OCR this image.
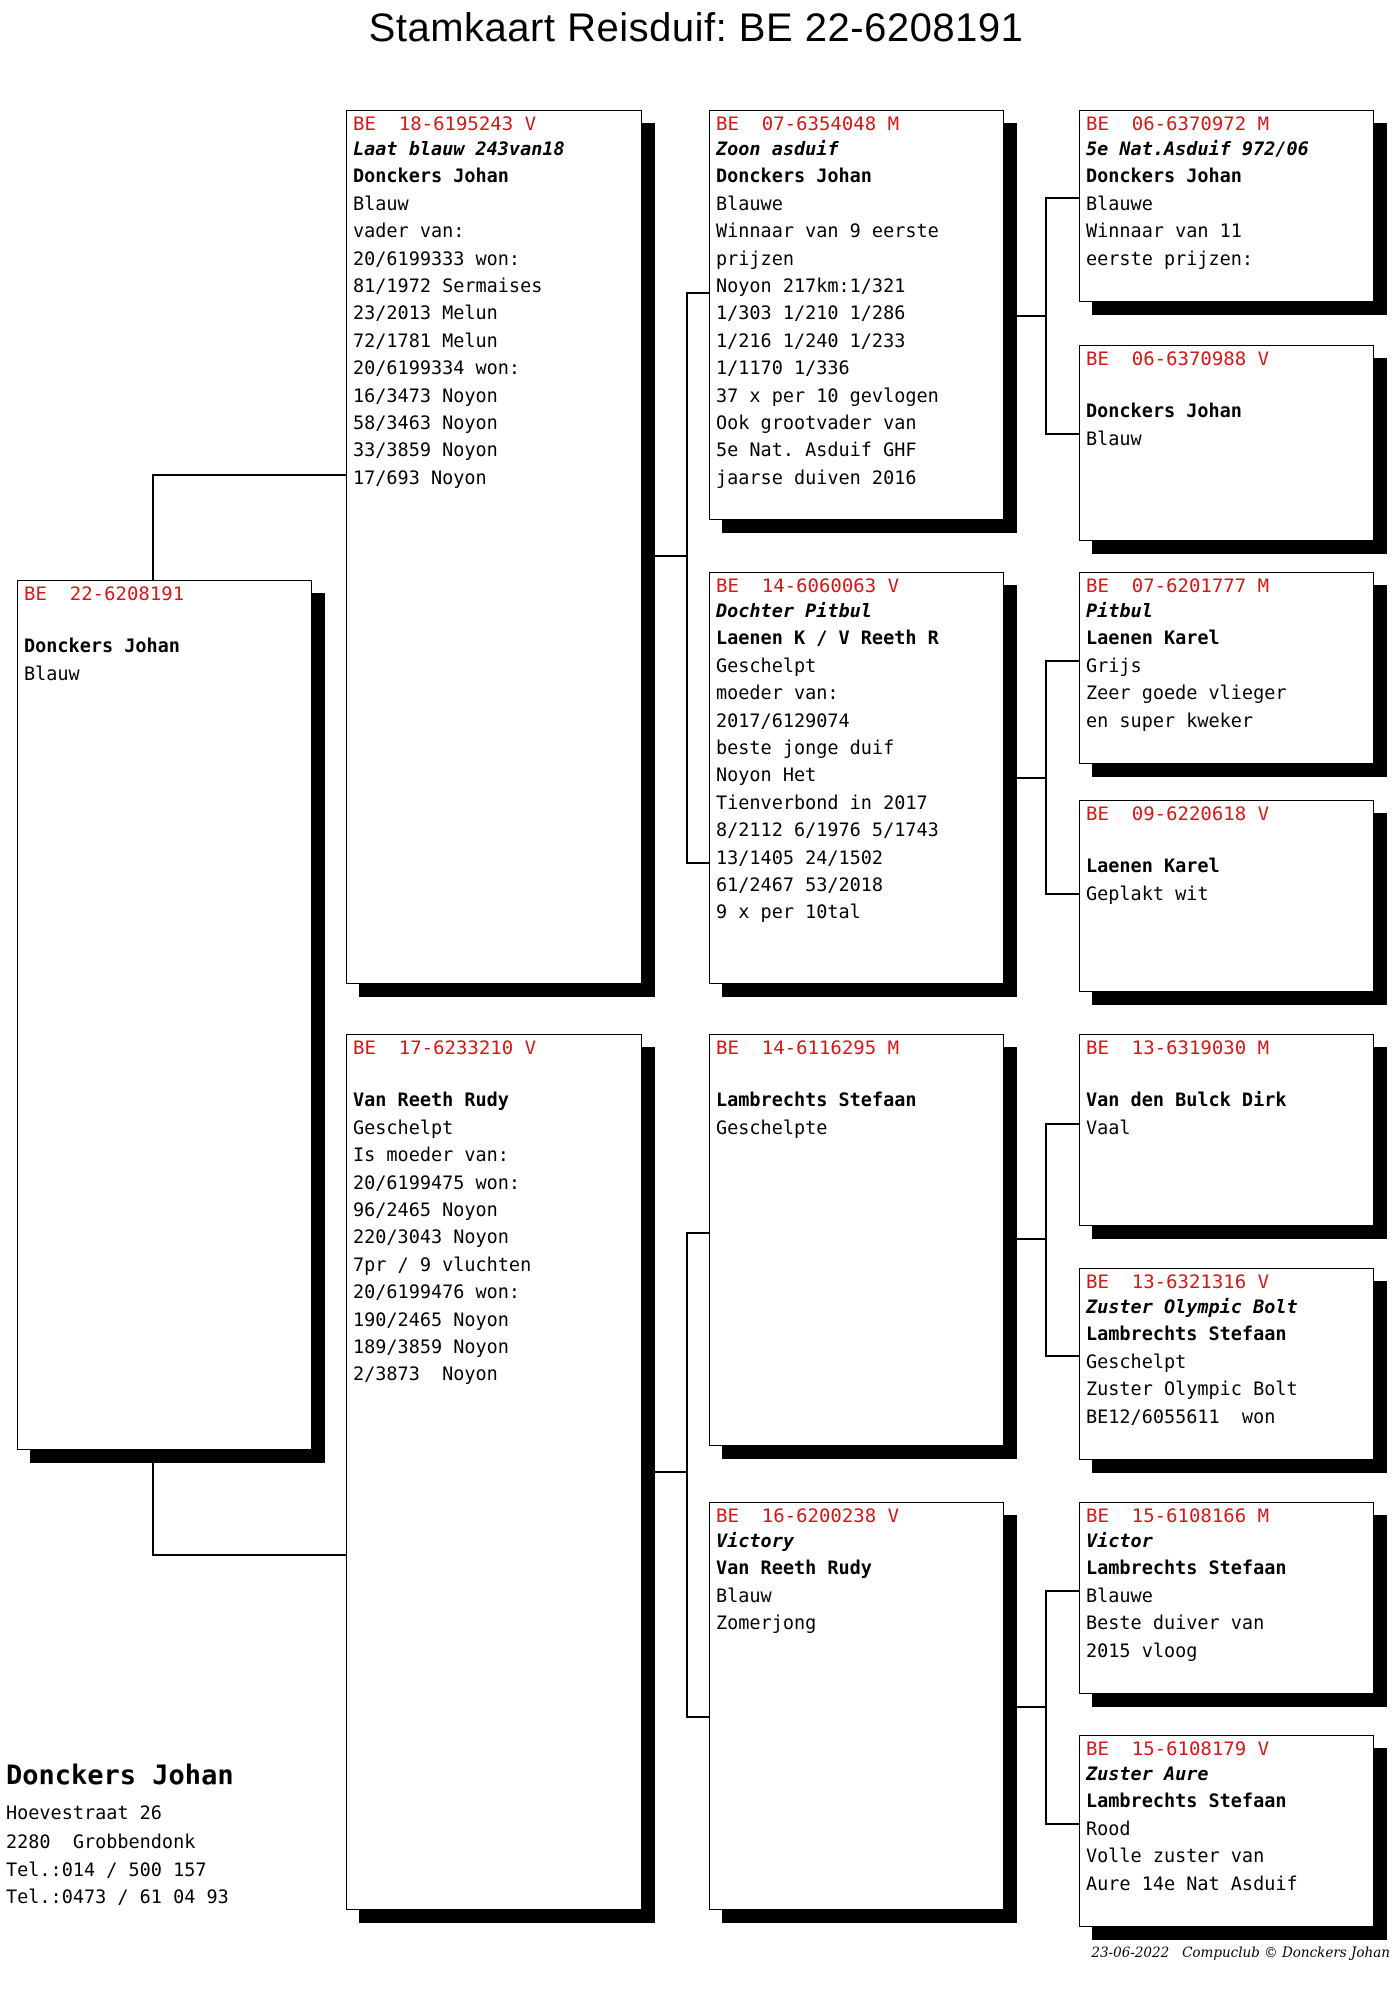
Stamkaart Reisduif: BE 22-6208191
BE  22-6208191
Donckers Johan
Blauw
BE  18-6195243 V
Laat blauw 243van18
Donckers Johan
Blauw
vader van:
20/6199333 won:
81/1972 Sermaises
23/2013 Melun
72/1781 Melun
20/6199334 won:
16/3473 Noyon
58/3463 Noyon
33/3859 Noyon
17/693 Noyon
BE  17-6233210 V
Van Reeth Rudy
Geschelpt
Is moeder van:
20/6199475 won:
96/2465 Noyon
220/3043 Noyon
7pr / 9 vluchten
20/6199476 won:
190/2465 Noyon
189/3859 Noyon
2/3873  Noyon
BE  07-6354048 M
Zoon asduif
Donckers Johan
Blauwe
Winnaar van 9 eerste
prijzen
Noyon 217km:1/321
1/303 1/210 1/286
1/216 1/240 1/233
1/1170 1/336
37 x per 10 gevlogen
Ook grootvader van
5e Nat. Asduif GHF
jaarse duiven 2016
BE  14-6060063 V
Dochter Pitbul
Laenen K / V Reeth R
Geschelpt
moeder van:
2017/6129074
beste jonge duif
Noyon Het
Tienverbond in 2017
8/2112 6/1976 5/1743
13/1405 24/1502
61/2467 53/2018
9 x per 10tal
BE  14-6116295 M
Lambrechts Stefaan
Geschelpte
BE  16-6200238 V
Victory
Van Reeth Rudy
Blauw
Zomerjong
BE  06-6370972 M
5e Nat.Asduif 972/06
Donckers Johan
Blauwe
Winnaar van 11
eerste prijzen:
BE  06-6370988 V
Donckers Johan
Blauw
BE  07-6201777 M
Pitbul
Laenen Karel
Grijs
Zeer goede vlieger
en super kweker
BE  09-6220618 V
Laenen Karel
Geplakt wit
BE  13-6319030 M
Van den Bulck Dirk
Vaal
BE  13-6321316 V
Zuster Olympic Bolt
Lambrechts Stefaan
Geschelpt
Zuster Olympic Bolt
BE12/6055611  won
BE  15-6108166 M
Victor
Lambrechts Stefaan
Blauwe
Beste duiver van
2015 vloog
BE  15-6108179 V
Zuster Aure
Lambrechts Stefaan
Rood
Volle zuster van
Aure 14e Nat Asduif
Donckers Johan
Hoevestraat 26
2280  Grobbendonk
Tel.:014 / 500 157
Tel.:0473 / 61 04 93
23-06-2022   Compuclub © Donckers Johan
